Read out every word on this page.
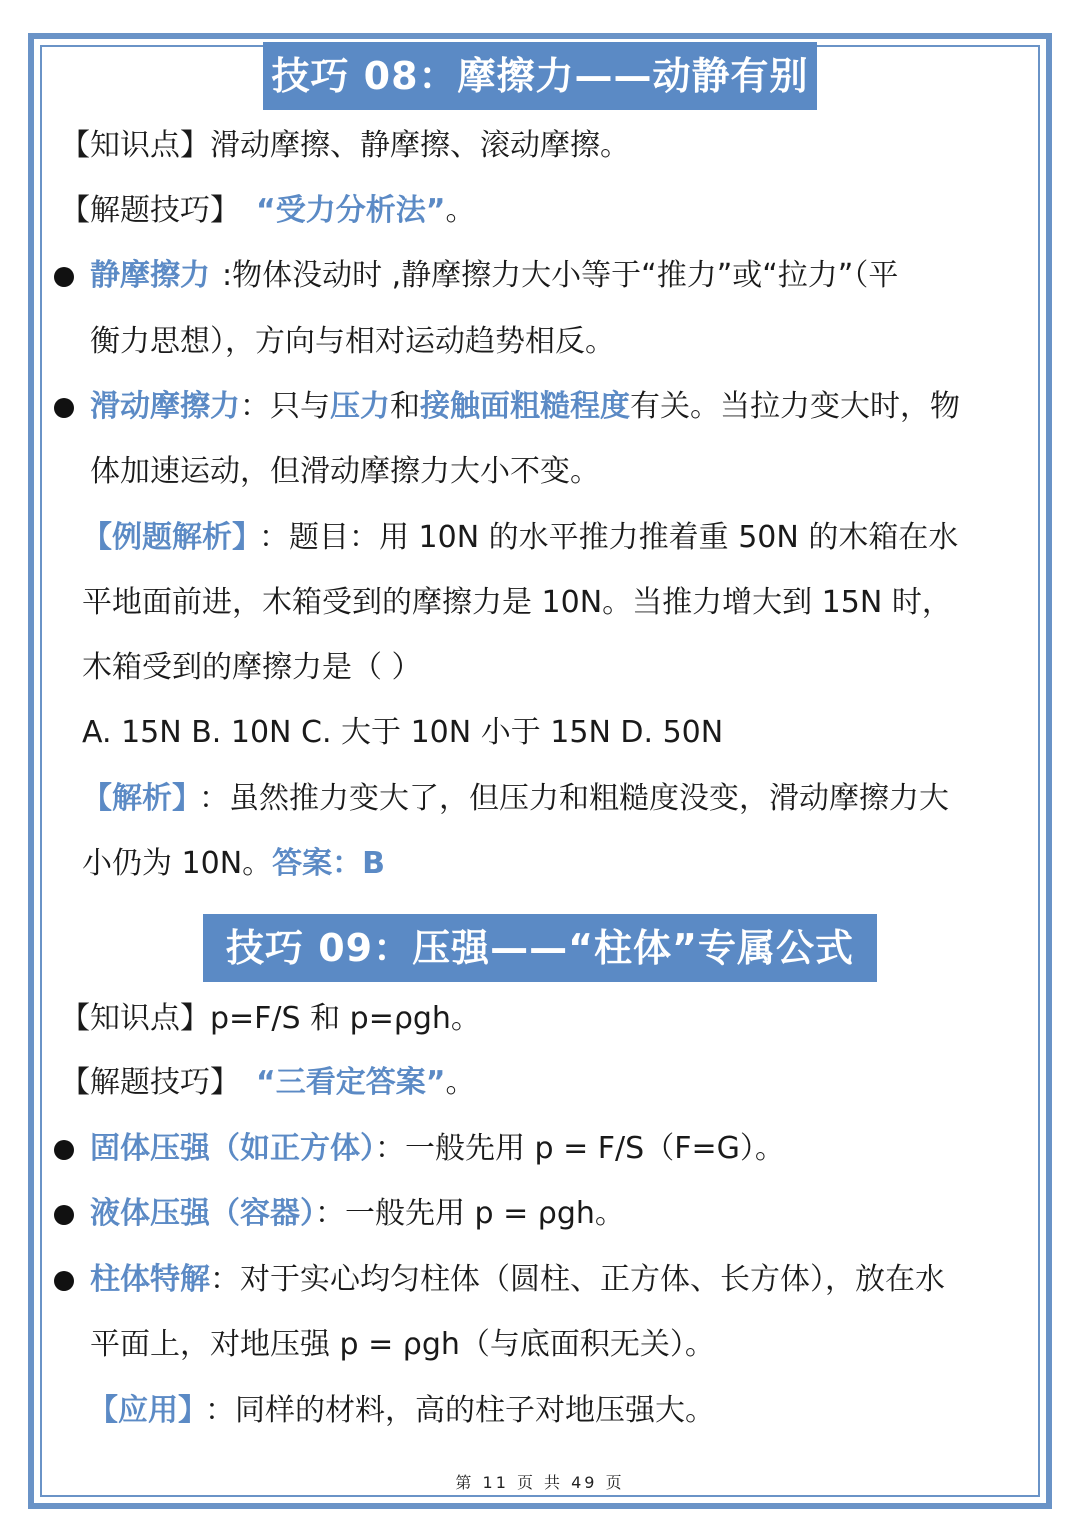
技巧 08：摩擦力——动静有别
【知识点】滑动摩擦、静摩擦、滚动摩擦。
【解题技巧】 “受力分析法”。
静摩擦力 :物体没动时 ,静摩擦力大小等于“推力”或“拉力”（平
衡力思想），方向与相对运动趋势相反。
滑动摩擦力：只与压力和接触面粗糙程度有关。当拉力变大时，物
体加速运动，但滑动摩擦力大小不变。
【例题解析】 ：题目：用 10N 的水平推力推着重 50N 的木箱在水
平地面前进，木箱受到的摩擦力是 10N。当推力增大到 15N 时，
木箱受到的摩擦力是（ ）
A. 15N B. 10N C. 大于 10N 小于 15N D. 50N
【解析】 ：虽然推力变大了，但压力和粗糙度没变，滑动摩擦力大
小仍为 10N。答案：B
技巧 09：压强——“柱体”专属公式
【知识点】p=F/S 和 p=ρgh。
【解题技巧】 “三看定答案”。
固体压强（如正方体）：一般先用 p = F/S（F=G）。
液体压强（容器）：一般先用 p = ρgh。
柱体特解：对于实心均匀柱体（圆柱、正方体、长方体），放在水
平面上，对地压强 p = ρgh（与底面积无关）。
【应用】 ：同样的材料，高的柱子对地压强大。
第 11 页 共 49 页
